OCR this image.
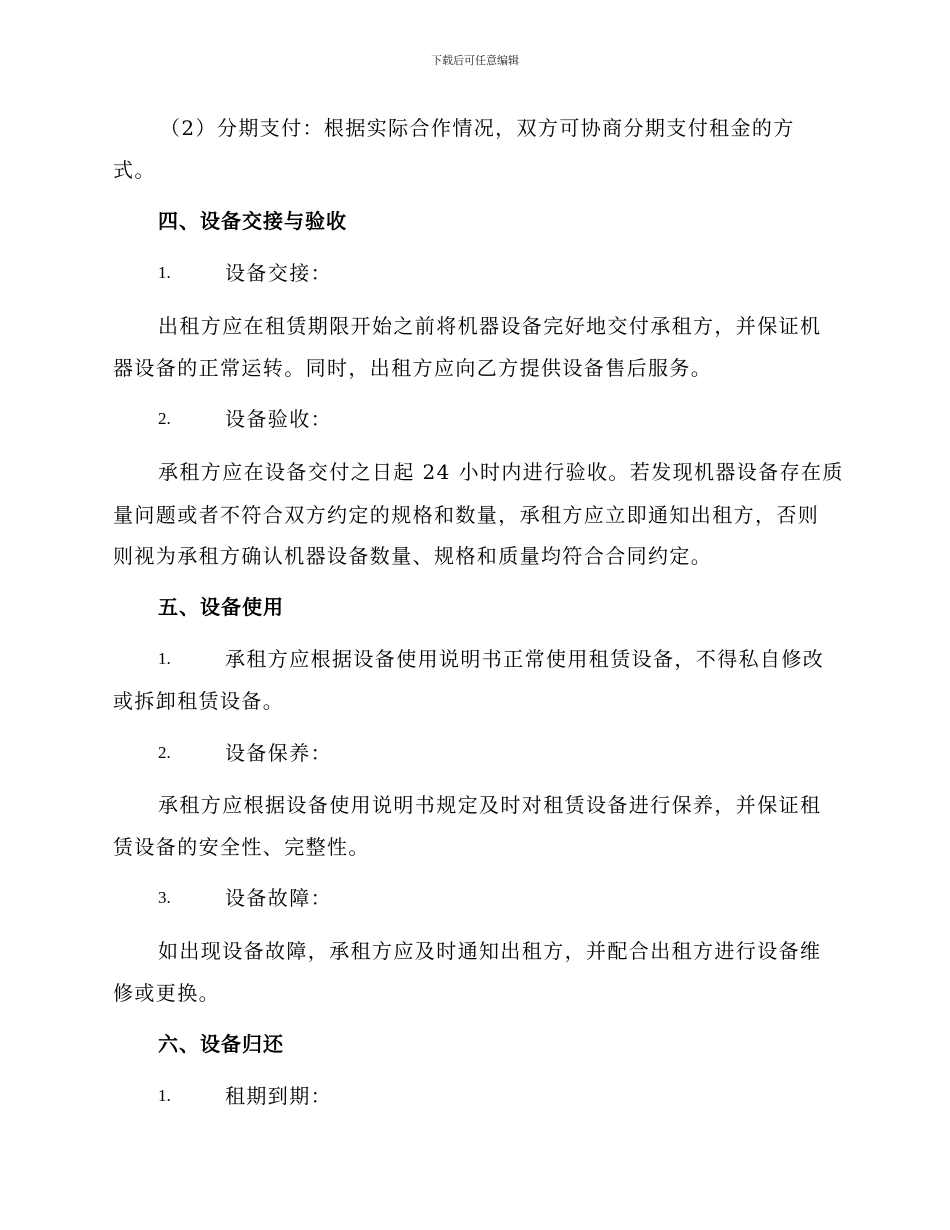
下载后可任意编辑
（2）分期支付：根据实际合作情况，双方可协商分期支付租金的方
式。
四、设备交接与验收
1.	设备交接：
出租方应在租赁期限开始之前将机器设备完好地交付承租方，并保证机
器设备的正常运转。同时，出租方应向乙方提供设备售后服务。
2.	设备验收：
承租方应在设备交付之日起 24 小时内进行验收。若发现机器设备存在质
量问题或者不符合双方约定的规格和数量，承租方应立即通知出租方，否则
则视为承租方确认机器设备数量、规格和质量均符合合同约定。
五、设备使用
1.	承租方应根据设备使用说明书正常使用租赁设备，不得私自修改
或拆卸租赁设备。
2.	设备保养：
承租方应根据设备使用说明书规定及时对租赁设备进行保养，并保证租
赁设备的安全性、完整性。
3.	设备故障：
如出现设备故障，承租方应及时通知出租方，并配合出租方进行设备维
修或更换。
六、设备归还
1.	租期到期：
